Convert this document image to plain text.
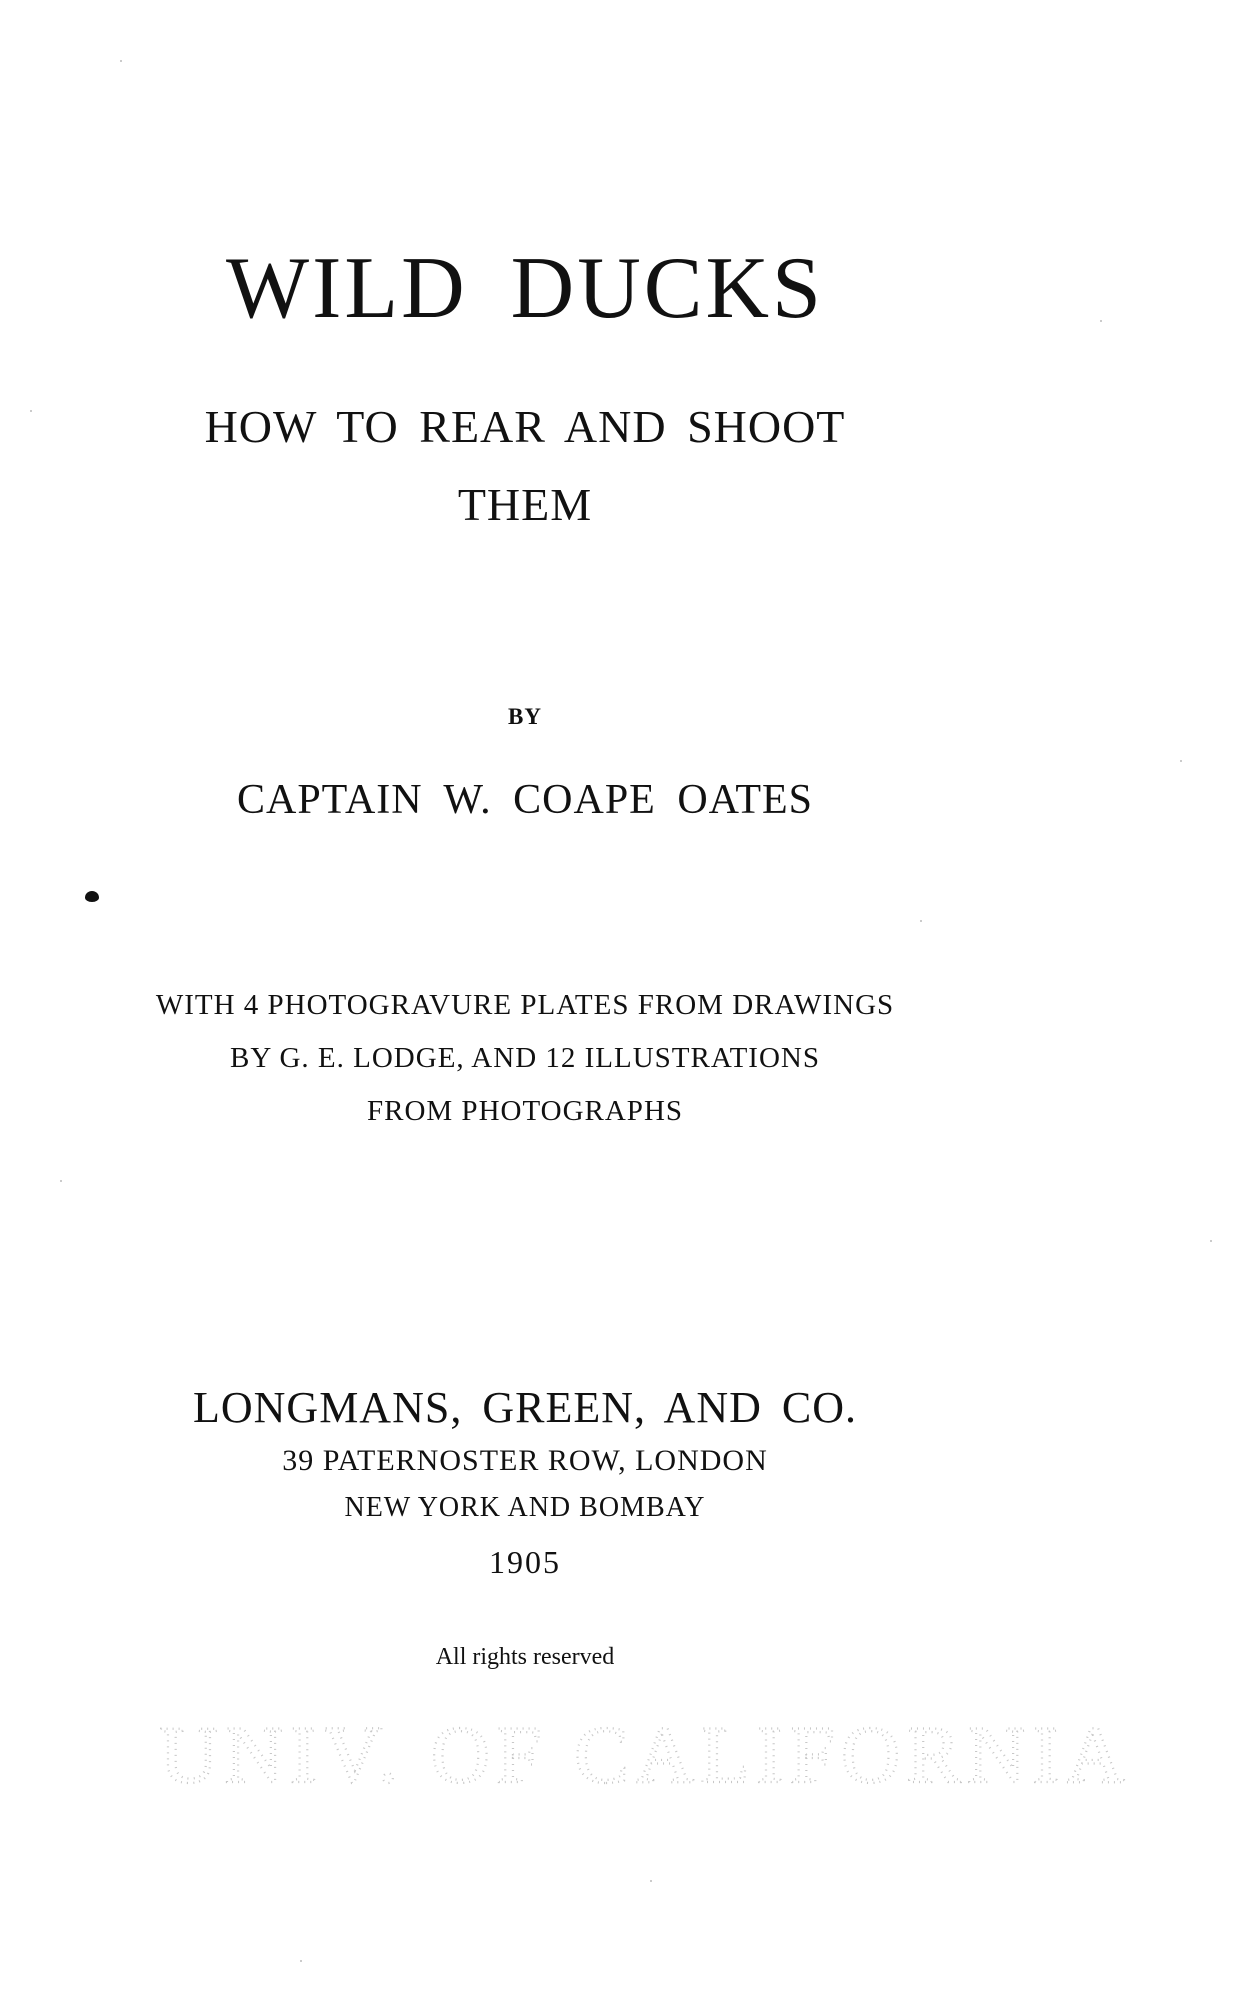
WILD DUCKS
HOW TO REAR AND SHOOT
THEM
BY
CAPTAIN W. COAPE OATES
WITH 4 PHOTOGRAVURE PLATES FROM DRAWINGS
BY G. E. LODGE, AND 12 ILLUSTRATIONS
FROM PHOTOGRAPHS
LONGMANS, GREEN, AND CO.
39 PATERNOSTER ROW, LONDON
NEW YORK AND BOMBAY
1905
All rights reserved
UNIV. OF CALIFORNIA
